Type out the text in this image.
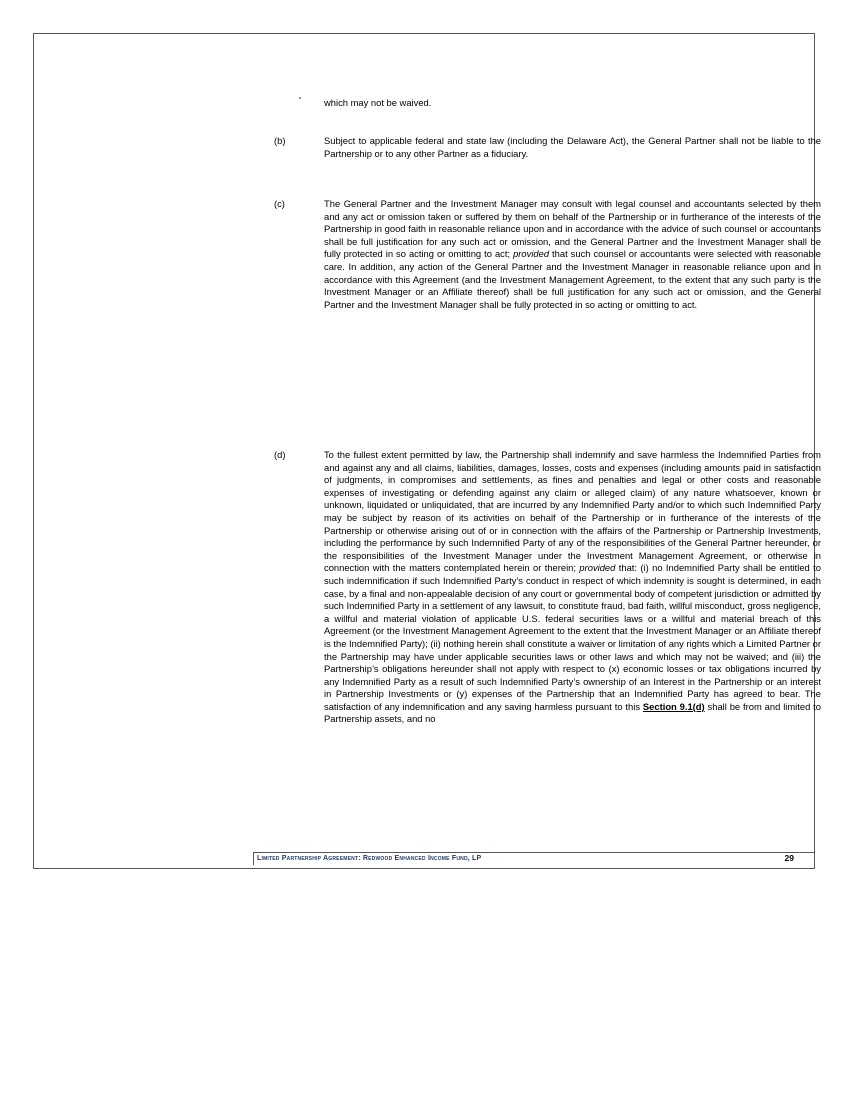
which may not be waived.

(b)	Subject to applicable federal and state law (including the Delaware Act), the General Partner shall not be liable to the Partnership or to any other Partner as a fiduciary.

(c)	The General Partner and the Investment Manager may consult with legal counsel and accountants selected by them and any act or omission taken or suffered by them on behalf of the Partnership or in furtherance of the interests of the Partnership in good faith in reasonable reliance upon and in accordance with the advice of such counsel or accountants shall be full justification for any such act or omission, and the General Partner and the Investment Manager shall be fully protected in so acting or omitting to act; provided that such counsel or accountants were selected with reasonable care. In addition, any action of the General Partner and the Investment Manager in reasonable reliance upon and in accordance with this Agreement (and the Investment Management Agreement, to the extent that any such party is the Investment Manager or an Affiliate thereof) shall be full justification for any such act or omission, and the General Partner and the Investment Manager shall be fully protected in so acting or omitting to act.

(d)	To the fullest extent permitted by law, the Partnership shall indemnify and save harmless the Indemnified Parties from and against any and all claims, liabilities, damages, losses, costs and expenses (including amounts paid in satisfaction of judgments, in compromises and settlements, as fines and penalties and legal or other costs and reasonable expenses of investigating or defending against any claim or alleged claim) of any nature whatsoever, known or unknown, liquidated or unliquidated, that are incurred by any Indemnified Party and/or to which such Indemnified Party may be subject by reason of its activities on behalf of the Partnership or in furtherance of the interests of the Partnership or otherwise arising out of or in connection with the affairs of the Partnership or Partnership Investments, including the performance by such Indemnified Party of any of the responsibilities of the General Partner hereunder, or the responsibilities of the Investment Manager under the Investment Management Agreement, or otherwise in connection with the matters contemplated herein or therein; provided that: (i) no Indemnified Party shall be entitled to such indemnification if such Indemnified Party’s conduct in respect of which indemnity is sought is determined, in each case, by a final and non-appealable decision of any court or governmental body of competent jurisdiction or admitted by such Indemnified Party in a settlement of any lawsuit, to constitute fraud, bad faith, willful misconduct, gross negligence, a willful and material violation of applicable U.S. federal securities laws or a willful and material breach of this Agreement (or the Investment Management Agreement to the extent that the Investment Manager or an Affiliate thereof is the Indemnified Party); (ii) nothing herein shall constitute a waiver or limitation of any rights which a Limited Partner or the Partnership may have under applicable securities laws or other laws and which may not be waived; and (iii) the Partnership’s obligations hereunder shall not apply with respect to (x) economic losses or tax obligations incurred by any Indemnified Party as a result of such Indemnified Party’s ownership of an Interest in the Partnership or an interest in Partnership Investments or (y) expenses of the Partnership that an Indemnified Party has agreed to bear. The satisfaction of any indemnification and any saving harmless pursuant to this Section 9.1(d) shall be from and limited to Partnership assets, and no

Limited Partnership Agreement: Redwood Enhanced Income Fund, LP	29
